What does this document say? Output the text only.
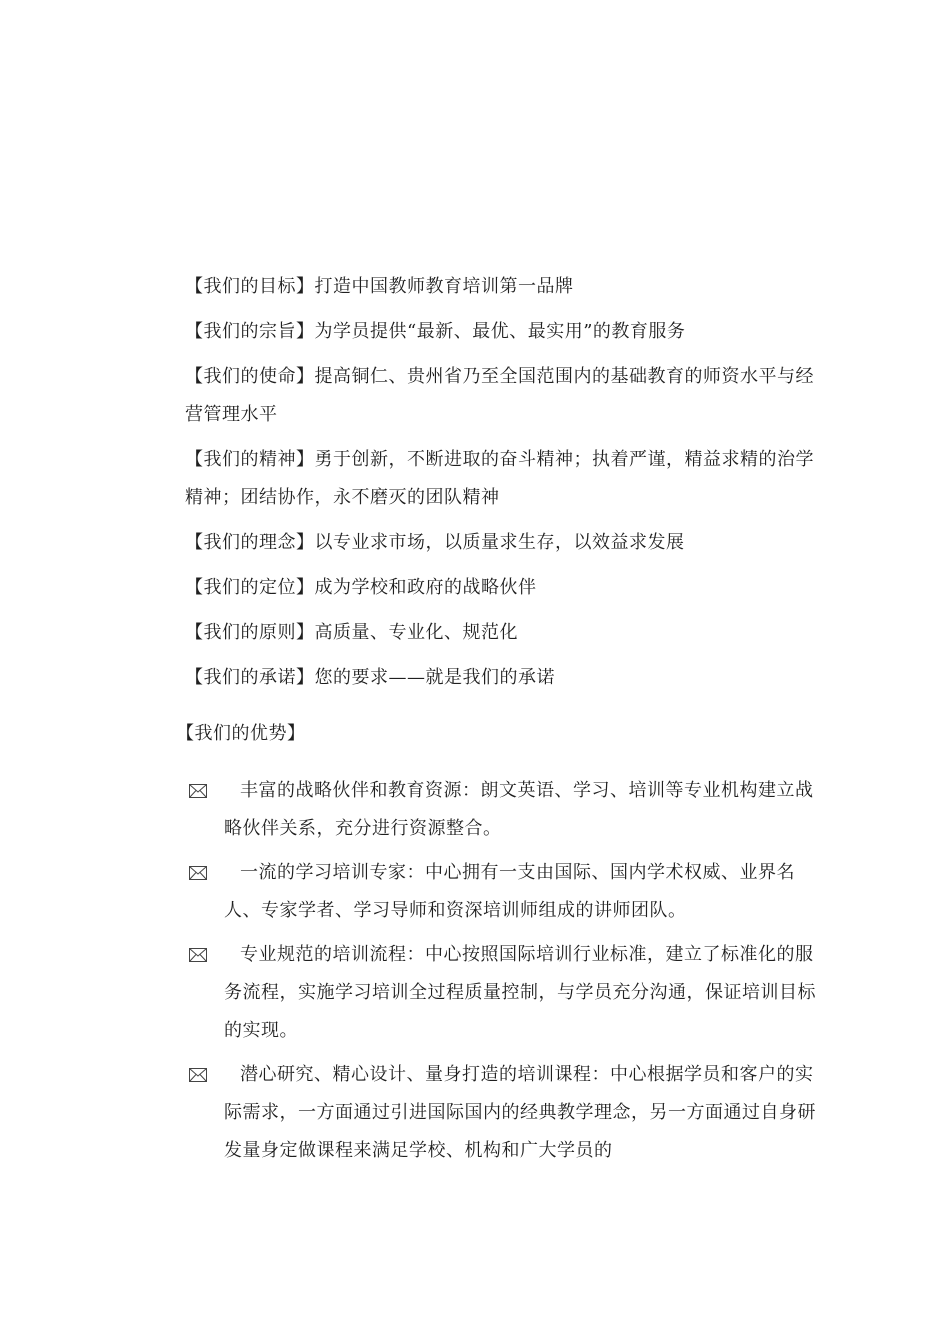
【我们的目标】打造中国教师教育培训第一品牌

【我们的宗旨】为学员提供“最新、最优、最实用”的教育服务

【我们的使命】提高铜仁、贵州省乃至全国范围内的基础教育的师资水平与经营管理水平

【我们的精神】勇于创新，不断进取的奋斗精神；执着严谨，精益求精的治学精神；团结协作，永不磨灭的团队精神

【我们的理念】以专业求市场，以质量求生存，以效益求发展

【我们的定位】成为学校和政府的战略伙伴

【我们的原则】高质量、专业化、规范化

【我们的承诺】您的要求——就是我们的承诺

【我们的优势】
丰富的战略伙伴和教育资源：朗文英语、学习、培训等专业机构建立战略伙伴关系，充分进行资源整合。
一流的学习培训专家：中心拥有一支由国际、国内学术权威、业界名人、专家学者、学习导师和资深培训师组成的讲师团队。
专业规范的培训流程：中心按照国际培训行业标准，建立了标准化的服务流程，实施学习培训全过程质量控制，与学员充分沟通，保证培训目标的实现。
潜心研究、精心设计、量身打造的培训课程：中心根据学员和客户的实际需求，一方面通过引进国际国内的经典教学理念，另一方面通过自身研发量身定做课程来满足学校、机构和广大学员的
